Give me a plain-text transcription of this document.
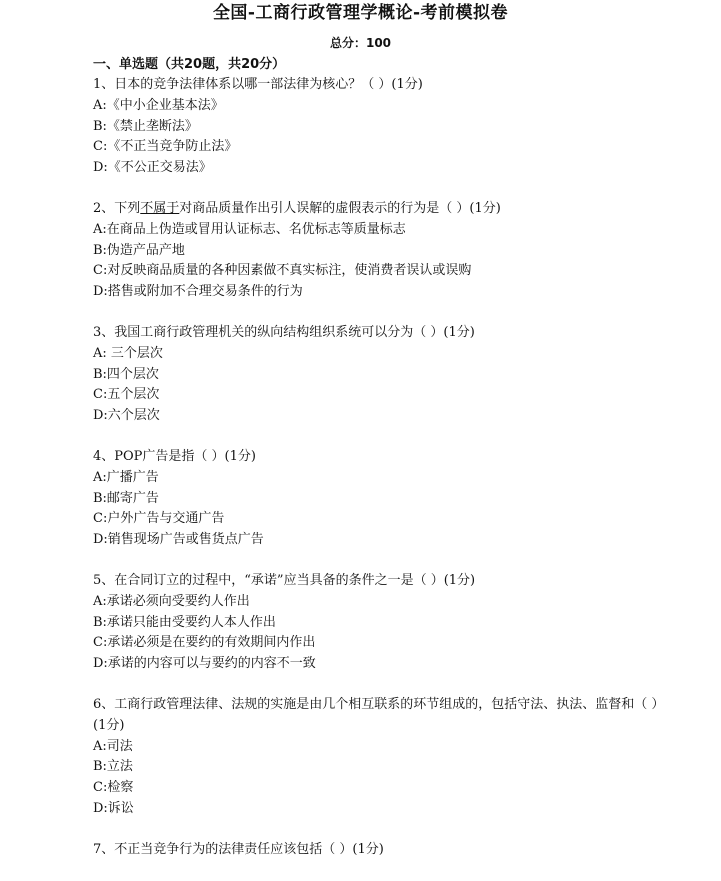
全国-工商行政管理学概论-考前模拟卷
总分：100
一、单选题（共20题，共20分）
1、日本的竞争法律体系以哪一部法律为核心？（ ）(1分)
A:《中小企业基本法》
B:《禁止垄断法》
C:《不正当竞争防止法》
D:《不公正交易法》
2、下列不属于对商品质量作出引人误解的虚假表示的行为是（ ）(1分)
A:在商品上伪造或冒用认证标志、名优标志等质量标志
B:伪造产品产地
C:对反映商品质量的各种因素做不真实标注，使消费者误认或误购
D:搭售或附加不合理交易条件的行为
3、我国工商行政管理机关的纵向结构组织系统可以分为（ ）(1分)
A: 三个层次
B:四个层次
C:五个层次
D:六个层次
4、POP广告是指（ ）(1分)
A:广播广告
B:邮寄广告
C:户外广告与交通广告
D:销售现场广告或售货点广告
5、在合同订立的过程中，“承诺”应当具备的条件之一是（ ）(1分)
A:承诺必须向受要约人作出
B:承诺只能由受要约人本人作出
C:承诺必须是在要约的有效期间内作出
D:承诺的内容可以与要约的内容不一致
6、工商行政管理法律、法规的实施是由几个相互联系的环节组成的，包括守法、执法、监督和（ ）(1分)
A:司法
B:立法
C:检察
D:诉讼
7、不正当竞争行为的法律责任应该包括（ ）(1分)
